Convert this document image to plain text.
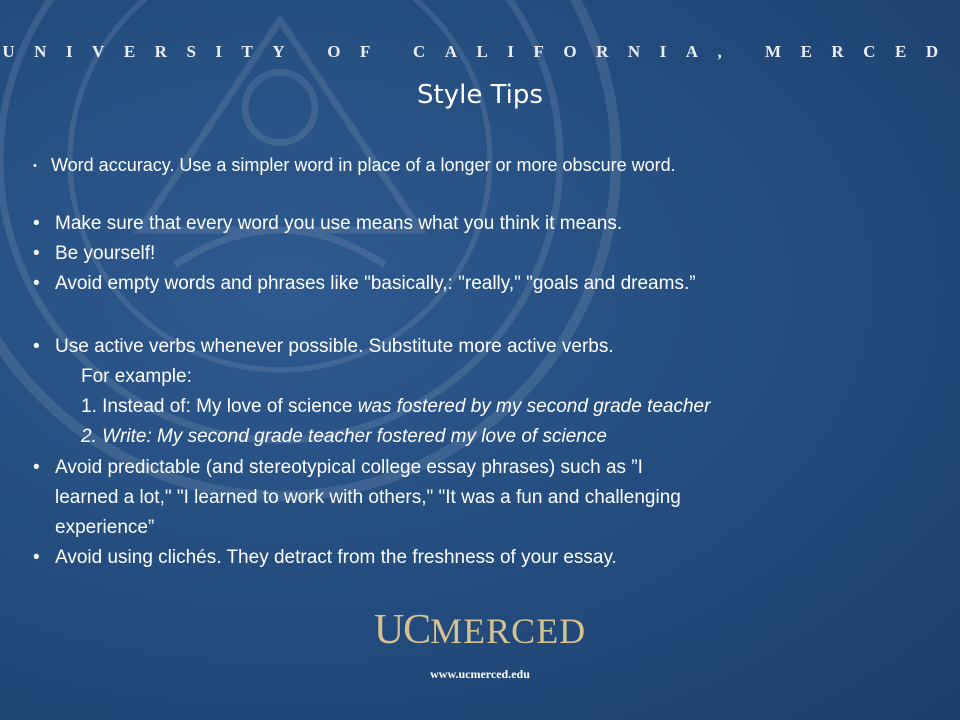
UNIVERSITY OF CALIFORNIA, MERCED
Style Tips
• Word accuracy. Use a simpler word in place of a longer or more obscure word.
• Make sure that every word you use means what you think it means.
• Be yourself!
• Avoid empty words and phrases like "basically,: "really," "goals and dreams.”
• Use active verbs whenever possible. Substitute more active verbs.
For example:
1. Instead of: My love of science was fostered by my second grade teacher
2. Write: My second grade teacher fostered my love of science
• Avoid predictable (and stereotypical college essay phrases) such as ”I
learned a lot," "I learned to work with others," "It was a fun and challenging
experience”
• Avoid using clichés. They detract from the freshness of your essay.
UCMERCED
www.ucmerced.edu
